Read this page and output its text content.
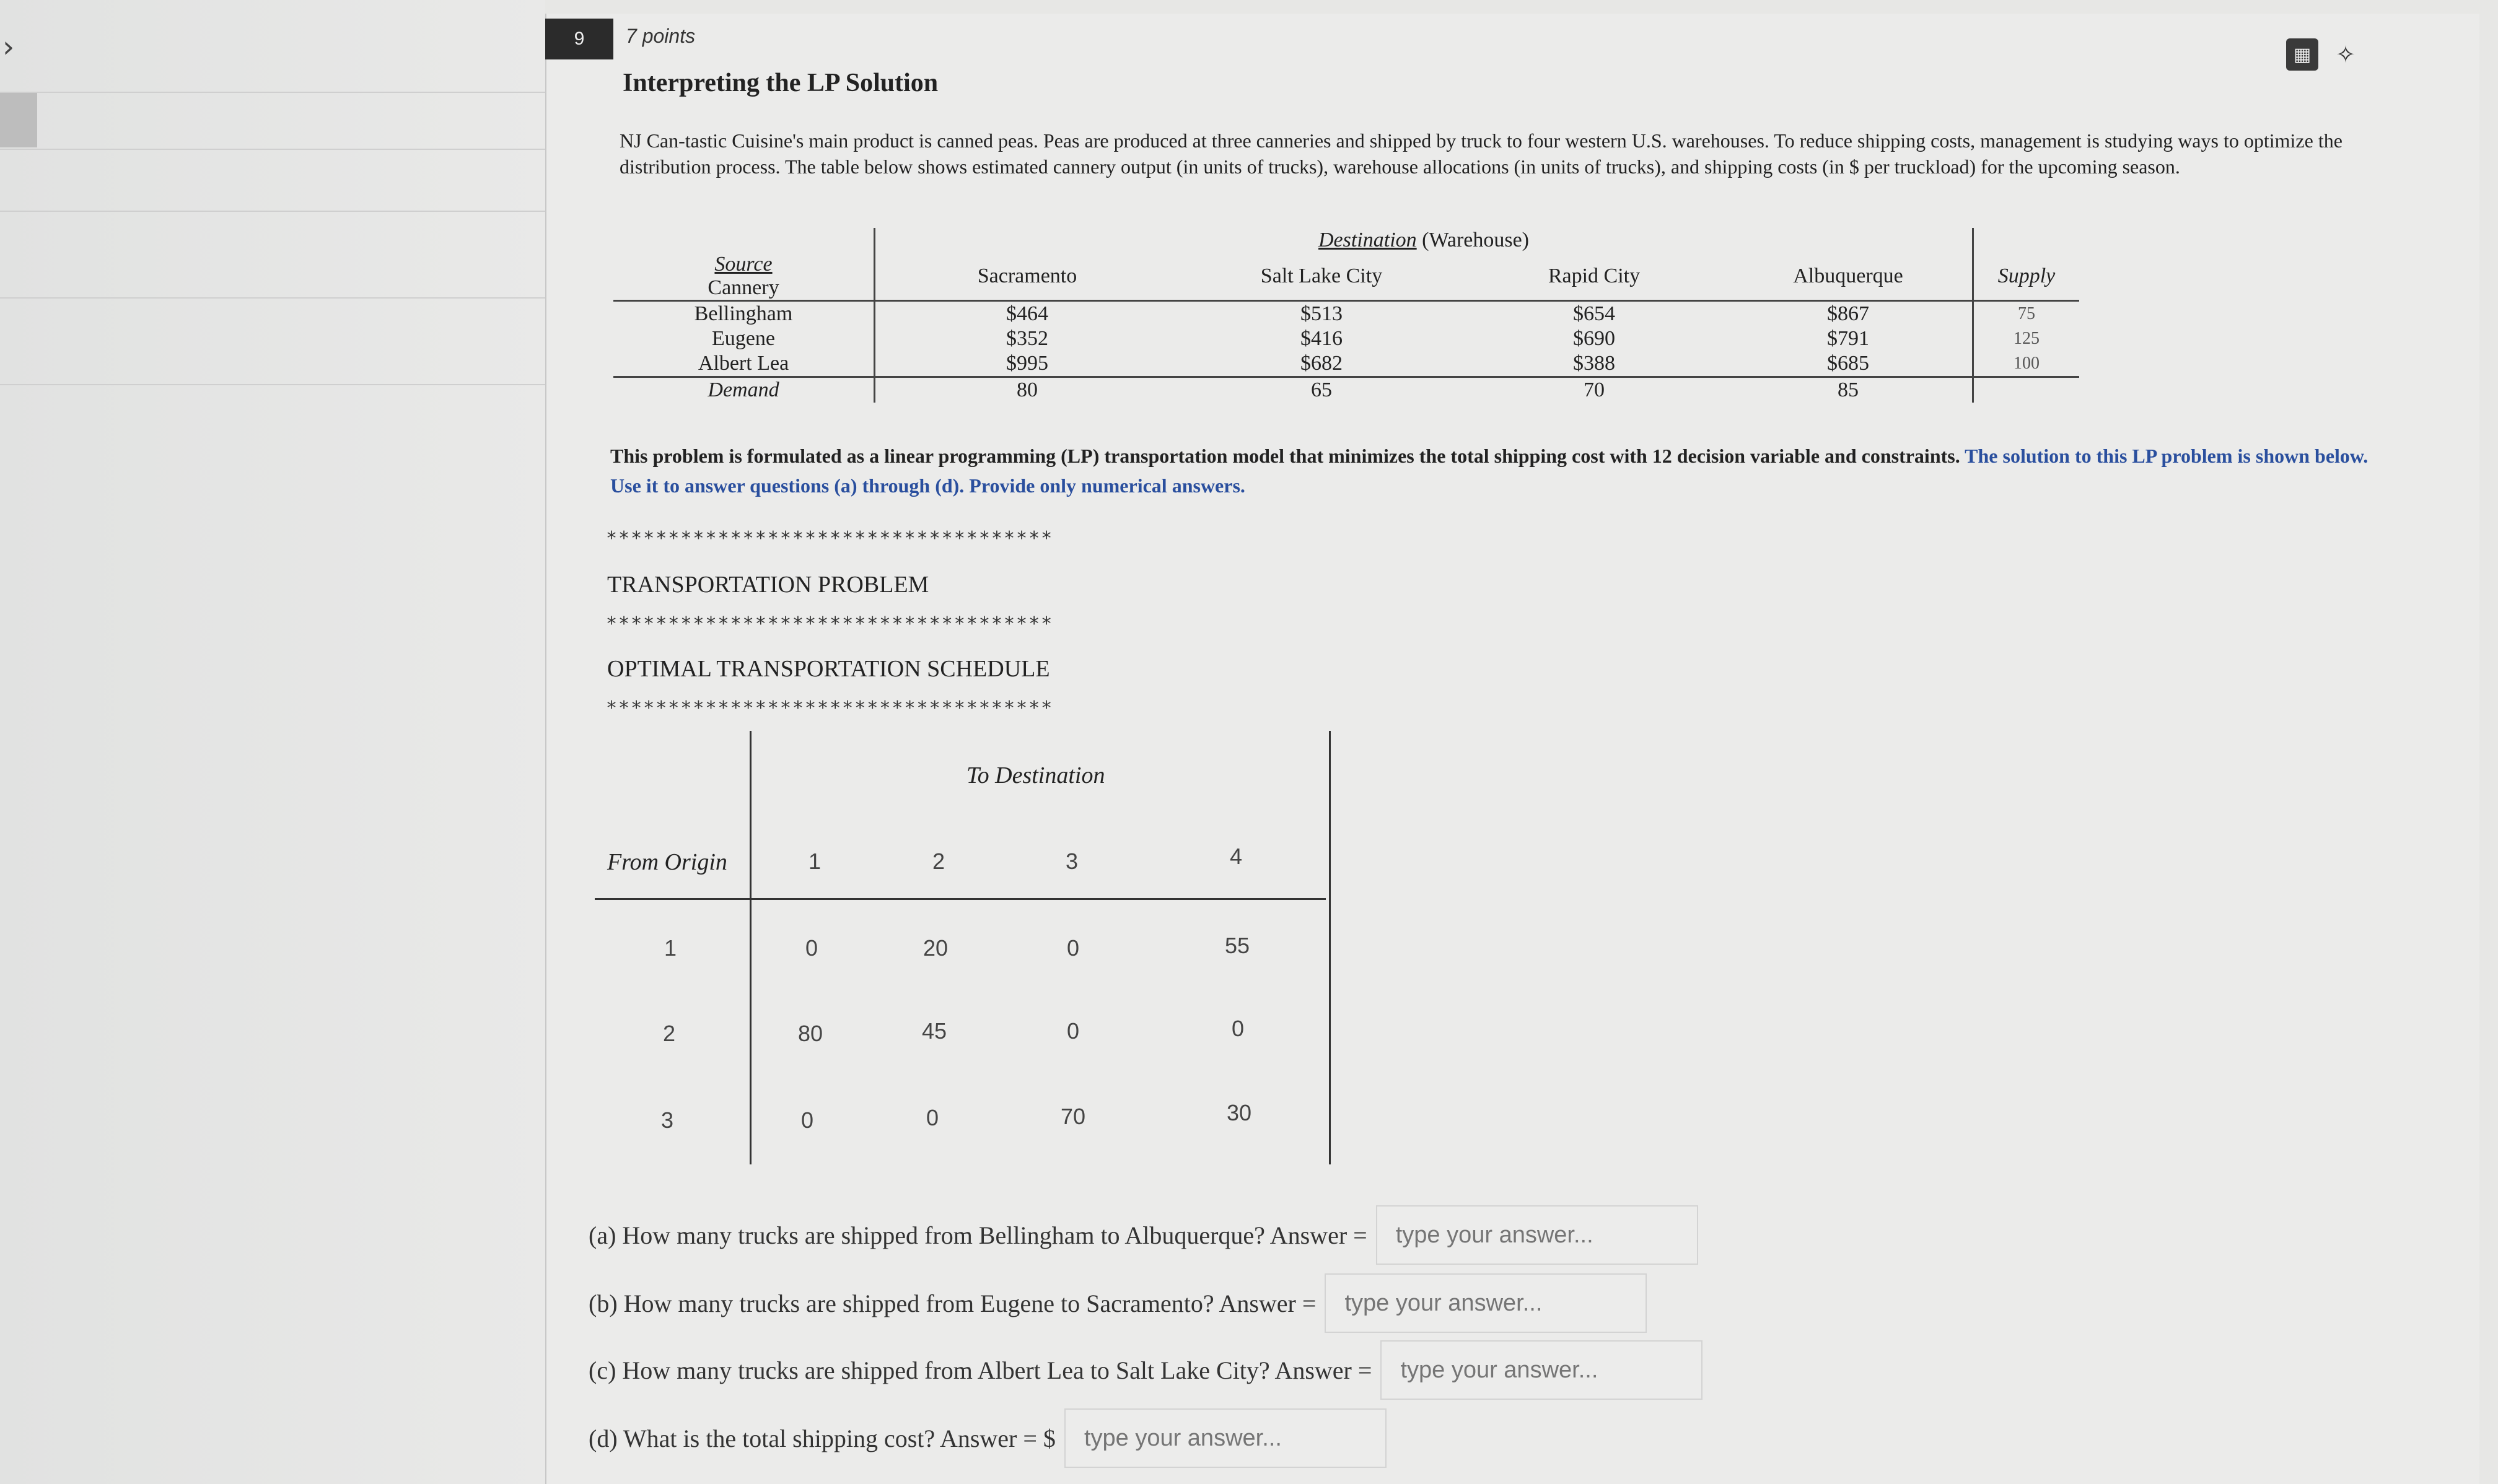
›	9	7 points
Interpreting the LP Solution
▦	✧
NJ Can-tastic Cuisine's main product is canned peas. Peas are produced at three canneries and shipped by truck to four western U.S. warehouses. To reduce shipping costs, management is studying ways to optimize the distribution process. The table below shows estimated cannery output (in units of trucks), warehouse allocations (in units of trucks), and shipping costs (in $ per truckload) for the upcoming season.
	Destination (Warehouse)				

Source
Cannery	Sacramento	Salt Lake City	Rapid City	Albuquerque	Supply
Bellingham	$464	$513	$654	$867	75
Eugene	$352	$416	$690	$791	125
Albert Lea	$995	$682	$388	$685	100
Demand	80	65	70	85	
This problem is formulated as a linear programming (LP) transportation model that minimizes the total shipping cost with 12 decision variable and constraints. The solution to this LP problem is shown below. Use it to answer questions (a) through (d). Provide only numerical answers.
************************************
TRANSPORTATION PROBLEM
************************************
OPTIMAL TRANSPORTATION SCHEDULE
************************************
To Destination
From Origin	1	2	3	4
1	0	20	0	55
2	80	45	0	0
3	0	0	70	30
(a) How many trucks are shipped from Bellingham to Albuquerque? Answer =
type your answer...
(b) How many trucks are shipped from Eugene to Sacramento? Answer =
type your answer...
(c) How many trucks are shipped from Albert Lea to Salt Lake City? Answer =
type your answer...
(d) What is the total shipping cost? Answer = $
type your answer...
